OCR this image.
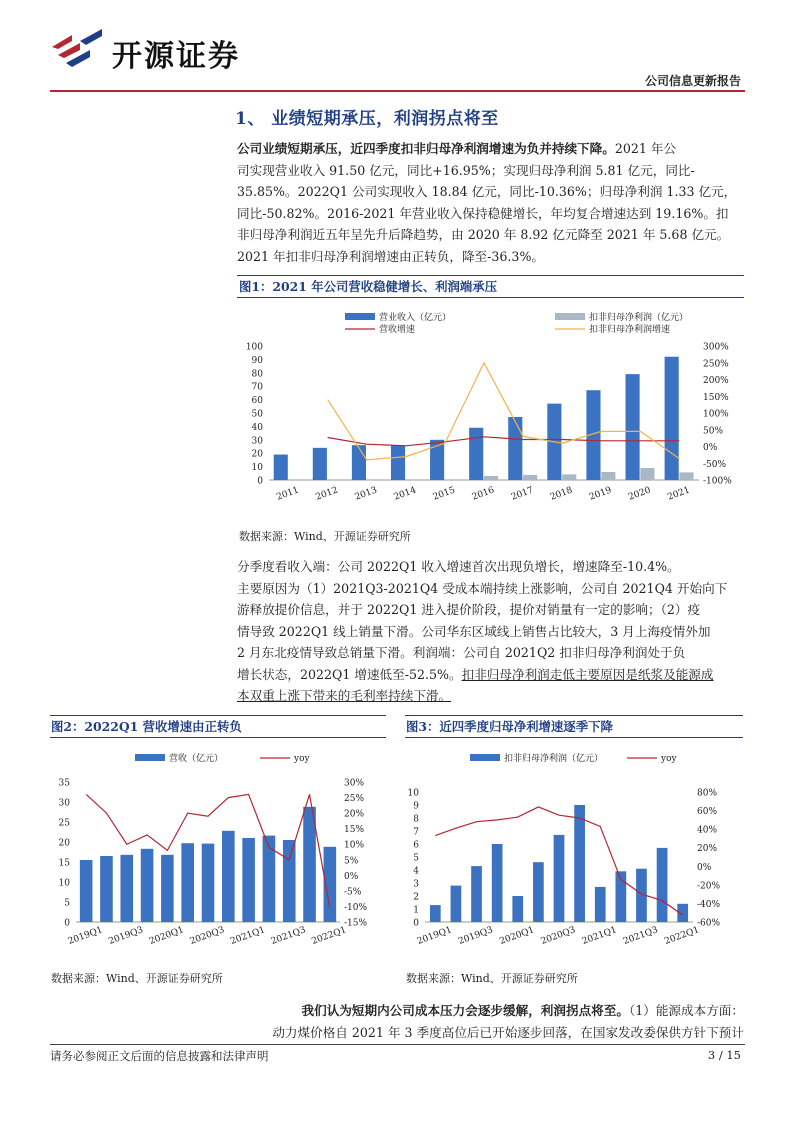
开源证券
公司信息更新报告
1、 业绩短期承压，利润拐点将至
公司业绩短期承压，近四季度扣非归母净利润增速为负并持续下降。2021 年公
司实现营业收入 91.50 亿元，同比+16.95%；实现归母净利润 5.81 亿元，同比-
35.85%。2022Q1 公司实现收入 18.84 亿元，同比-10.36%；归母净利润 1.33 亿元，
同比-50.82%。2016-2021 年营业收入保持稳健增长，年均复合增速达到 19.16%。扣
非归母净利润近五年呈先升后降趋势，由 2020 年 8.92 亿元降至 2021 年 5.68 亿元。
2021 年扣非归母净利润增速由正转负，降至-36.3%。
图1：2021 年公司营收稳健增长、利润端承压
0
10
20
30
40
50
60
70
80
90
100
-100%
-50%
0%
50%
100%
150%
200%
250%
300%
2011 2012 2013 2014 2015 2016 2017 2018 2019 2020 2021
营业收入（亿元）	扣非归母净利润（亿元）
营收增速	扣非归母净利润增速
数据来源：Wind、开源证券研究所
分季度看收入端：公司 2022Q1 收入增速首次出现负增长，增速降至-10.4%。
主要原因为（1）2021Q3-2021Q4 受成本端持续上涨影响，公司自 2021Q4 开始向下
游释放提价信息，并于 2022Q1 进入提价阶段，提价对销量有一定的影响；（2）疫
情导致 2022Q1 线上销量下滑。公司华东区域线上销售占比较大，3 月上海疫情外加
2 月东北疫情导致总销量下滑。利润端：公司自 2021Q2 扣非归母净利润处于负
增长状态，2022Q1 增速低至-52.5%。扣非归母净利润走低主要原因是纸浆及能源成
本双重上涨下带来的毛利率持续下滑。
图2：2022Q1 营收增速由正转负
0
5
10
15
20
25
30
35
-15%
-10%
-5%
0%
5%
10%
15%
20%
25%
30%
2019Q1 2019Q3 2020Q1 2020Q3 2021Q1 2021Q3 2022Q1
营收（亿元）	yoy
数据来源：Wind、开源证券研究所
图3：近四季度归母净利增速逐季下降
0
1
2
3
4
5
6
7
8
9
10
-60%
-40%
-20%
0%
20%
40%
60%
80%
2019Q1 2019Q3 2020Q1 2020Q3 2021Q1 2021Q3 2022Q1
扣非归母净利润（亿元）	yoy
数据来源：Wind、开源证券研究所
我们认为短期内公司成本压力会逐步缓解，利润拐点将至。（1）能源成本方面：
动力煤价格自 2021 年 3 季度高位后已开始逐步回落，在国家发改委保供方针下预计
请务必参阅正文后面的信息披露和法律声明	3 / 15
